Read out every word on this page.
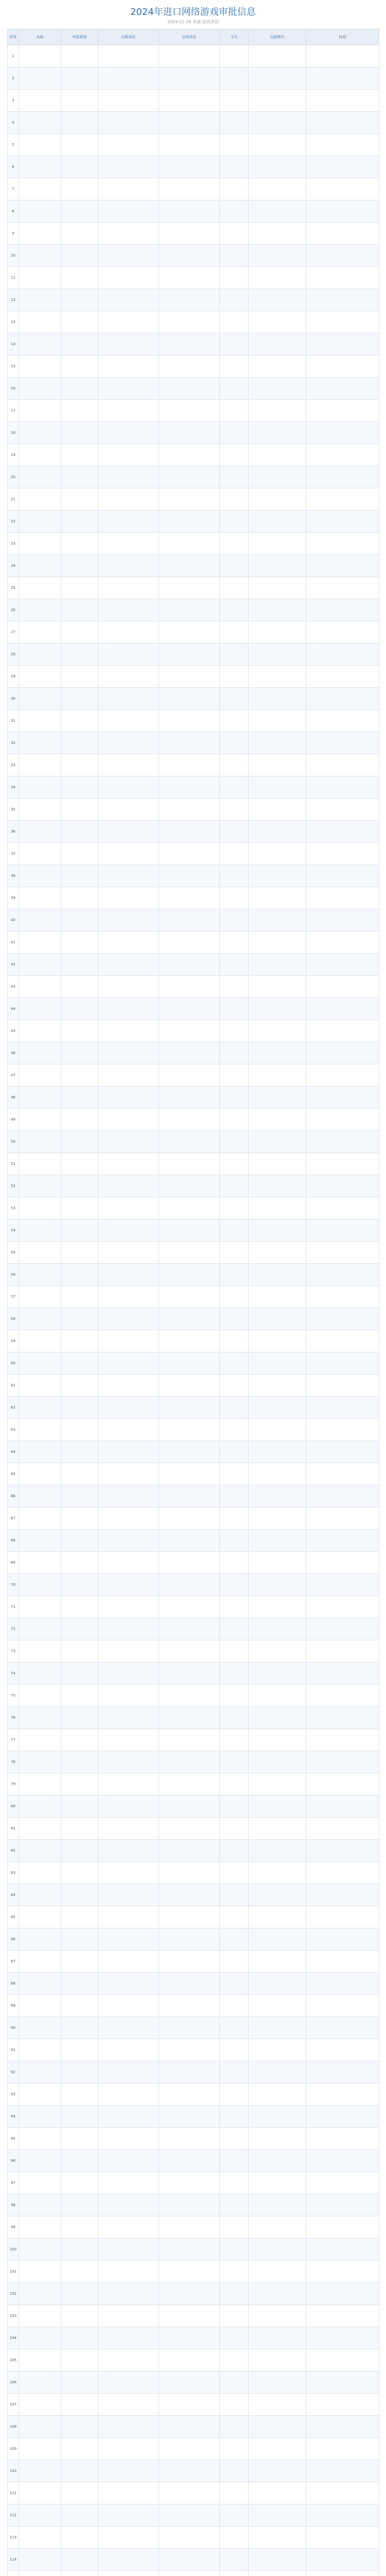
2024年进口网络游戏审批信息
2024-11-28 来源:游戏茶馆
序号	名称	申报类别	出版单位	运营单位	文号	出版物号	时间
1							
2							
3							
4							
5							
6							
7							
8							
9							
10							
11							
12							
13							
14							
15							
16							
17							
18							
19							
20							
21							
22							
23							
24							
25							
26							
27							
28							
29							
30							
31							
32							
33							
34							
35							
36							
37							
38							
39							
40							
41							
42							
43							
44							
45							
46							
47							
48							
49							
50							
51							
52							
53							
54							
55							
56							
57							
58							
59							
60							
61							
62							
63							
64							
65							
66							
67							
68							
69							
70							
71							
72							
73							
74							
75							
76							
77							
78							
79							
80							
81							
82							
83							
84							
85							
86							
87							
88							
89							
90							
91							
92							
93							
94							
95							
96							
97							
98							
99							
100							
101							
102							
103							
104							
105							
106							
107							
108							
109							
110							
111							
112							
113							
114							
